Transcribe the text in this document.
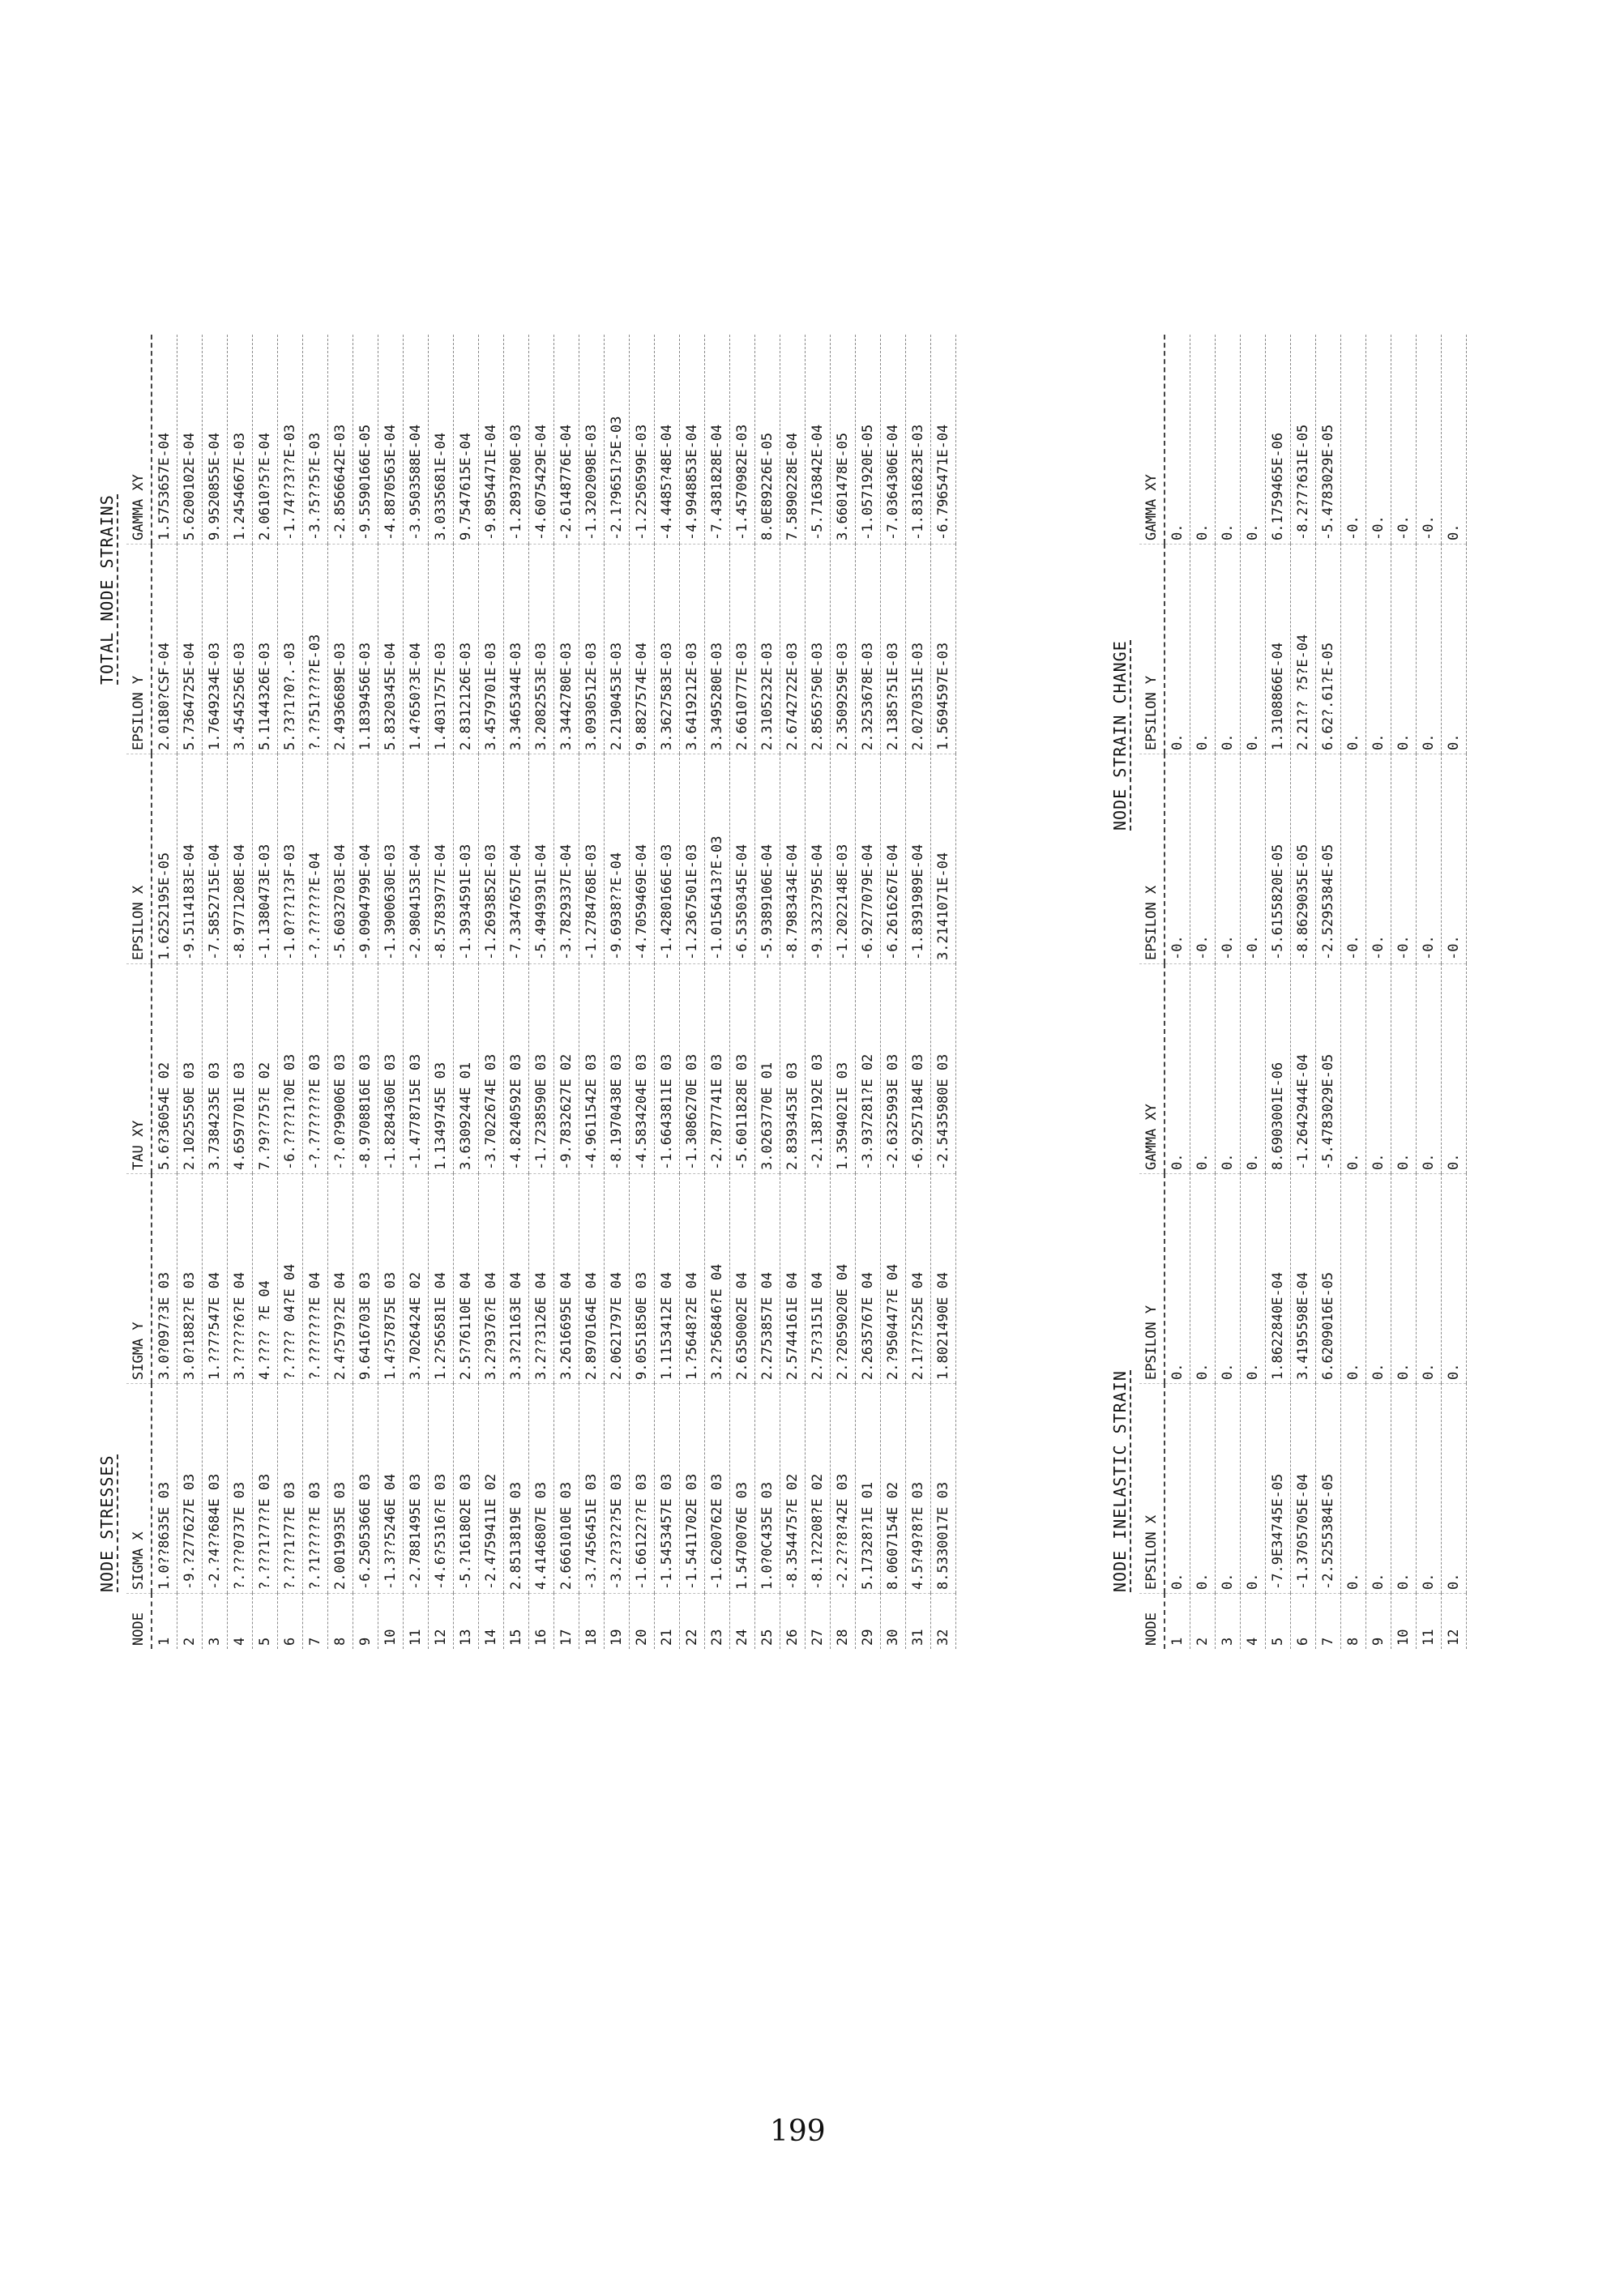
NODE STRESSES
TOTAL NODE STRAINS
NODE	SIGMA X	SIGMA Y	TAU XY	EPSILON X	EPSILON Y	GAMMA XY
1	1.0??8635E 03	3.0?097?3E 03	5.6?36054E 02	1.6252195E-05	2.0180?CSF-04	1.5753657E-04
2	-9.?277627E 03	3.0?1882?E 03	2.1025550E 03	-9.5114183E-04	5.7364725E-04	5.6200102E-04
3	-2.?4??684E 03	1.??7?547E 04	3.7384235E 03	-7.5852715E-04	1.7649234E-03	9.9520855E-04
4	?.???0737E 03	3.?????6?E 04	4.6597701E 03	-8.9771208E-04	3.4545256E-03	1.2454667E-03
5	?.???1?7??E 03	4.???? ?E 04	7.?9??75?E 02	-1.1380473E-03	5.1144326E-03	2.0610?5?E-04
6	?.???1?7?E 03	?.???? 04?E 04	-6.????1?0E 03	-1.0???1?3F-03	5.?3?1?0?.-03	-1.74??3??E-03
7	?.?1?????E 03	?.???????E 04	-?.?7?????E 03	-?.??????E-04	?.??51????E-03	-3.?5??5?E-03
8	2.0019935E 03	2.4?579?2E 04	-?.0?99006E 03	-5.6032703E-04	2.4936689E-03	-2.8566642E-03
9	-6.2505366E 03	9.6416703E 03	-8.9708816E 03	-9.0904799E-04	1.1839456E-03	-9.5590166E-05
10	-1.3??5246E 04	1.4?57875E 03	-1.8284360E 03	-1.3900630E-03	5.8320345E-04	-4.8870563E-04
11	-2.7881495E 03	3.7026424E 02	-1.4778715E 03	-2.9804153E-04	1.4?650?3E-04	-3.9503588E-04
12	-4.6?5316?E 03	1.2?56581E 04	1.1349745E 03	-8.5783977E-04	1.4031757E-03	3.0335681E-04
13	-5.?161802E 03	2.5?76110E 04	3.6309244E 01	-1.3934591E-03	2.8312126E-03	9.7547615E-04
14	-2.4759411E 02	3.2?9376?E 04	-3.7022674E 03	-1.2693852E-03	3.4579701E-03	-9.8954471E-04
15	2.8513819E 03	3.3?21163E 04	-4.8240592E 03	-7.3347657E-04	3.3465344E-03	-1.2893780E-03
16	4.4146807E 03	3.2??3126E 04	-1.7238590E 03	-5.4949391E-04	3.2082553E-03	-4.6075429E-04
17	2.6661010E 03	3.2616695E 04	-9.7832627E 02	-3.7829337E-04	3.3442780E-03	-2.6148776E-04
18	-3.7456451E 03	2.8970164E 04	-4.9611542E 03	-1.2784768E-03	3.0930512E-03	-1.3202098E-03
19	-3.2?3?2?5E 03	2.0621797E 04	-8.1970438E 03	-9.6938??E-04	2.2190453E-03	-2.1?9651?5E-03
20	-1.66122??E 03	9.0551850E 03	-4.5834204E 03	-4.7059469E-04	9.8827574E-04	-1.2250599E-03
21	-1.5453457E 03	1.1153412E 04	-1.6643811E 03	-1.4280166E-03	3.3627583E-03	-4.4485?48E-04
22	-1.5411702E 03	1.?5648?2E 04	-1.3086270E 03	-1.2367501E-03	3.6419212E-03	-4.9948853E-04
23	-1.6200762E 03	3.2?56846?E 04	-2.7877741E 03	-1.0156413?E-03	3.3495280E-03	-7.4381828E-04
24	1.5470076E 03	2.6350002E 04	-5.6011828E 03	-6.5350345E-04	2.6610777E-03	-1.4570982E-03
25	1.0?0C435E 03	2.2753857E 04	3.0263770E 01	-5.9389106E-04	2.3105232E-03	8.0E89226E-05
26	-8.354475?E 02	2.5744161E 04	2.8393453E 03	-8.7983434E-04	2.6742722E-03	7.5890228E-04
27	-8.1?2208?E 02	2.75?3151E 04	-2.1387192E 03	-9.3323795E-04	2.8565?50E-03	-5.7163842E-04
28	-2.2??8?42E 03	2.?2059020E 04	1.3594021E 03	-1.2022148E-03	2.3509259E-03	3.6601478E-05
29	5.17328?1E 01	2.2635767E 04	-3.937281?E 02	-6.9277079E-04	2.3253678E-03	-1.0571920E-05
30	8.0607154E 02	2.?950447?E 04	-2.6325993E 03	-6.2616267E-04	2.1385?51E-03	-7.0364306E-04
31	4.5?49?8?E 03	2.1?7?525E 04	-6.9257184E 03	-1.8391989E-04	2.0270351E-03	-1.8316823E-03
32	8.5330017E 03	1.8021490E 04	-2.5435980E 03	3.2141071E-04	1.5694597E-03	-6.7965471E-04
NODE INELASTIC STRAIN
NODE STRAIN CHANGE
NODE	EPSILON X	EPSILON Y	GAMMA XY	EPSILON X	EPSILON Y	GAMMA XY
1	0.	0.	0.	-0.	0.	0.
2	0.	0.	0.	-0.	0.	0.
3	0.	0.	0.	-0.	0.	0.
4	0.	0.	0.	-0.	0.	0.
5	-7.9E34745E-05	1.8622840E-04	8.6903001E-06	-5.6155820E-05	1.3108866E-04	6.1759465E-06
6	-1.3705705E-04	3.4195598E-04	-1.2642944E-04	-8.8629035E-05	2.21?? ?5?E-04	-8.2?7?631E-05
7	-2.5255384E-05	6.6209016E-05	-5.4783029E-05	-2.5295384E-05	6.62?.61?E-05	-5.4783029E-05
8	0.	0.	0.	-0.	0.	-0.
9	0.	0.	0.	-0.	0.	-0.
10	0.	0.	0.	-0.	0.	-0.
11	0.	0.	0.	-0.	0.	-0.
12	0.	0.	0.	-0.	0.	0.
199
